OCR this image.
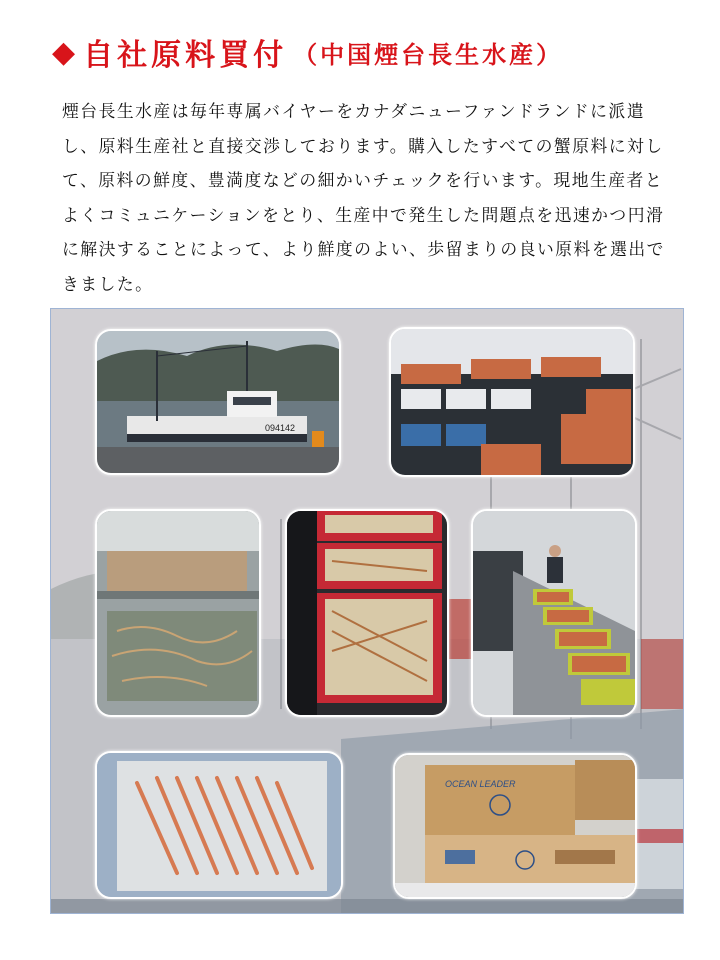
◆ 自社原料買付 （中国煙台長生水産）
煙台長生水産は毎年専属バイヤーをカナダニューファンドランドに派遣し、原料生産社と直接交渉しております。購入したすべての蟹原料に対して、原料の鮮度、豊満度などの細かいチェックを行います。現地生産者とよくコミュニケーションをとり、生産中で発生した問題点を迅速かつ円滑に解決することによって、より鮮度のよい、歩留まりの良い原料を選出できました。
094142
OCEAN LEADER
